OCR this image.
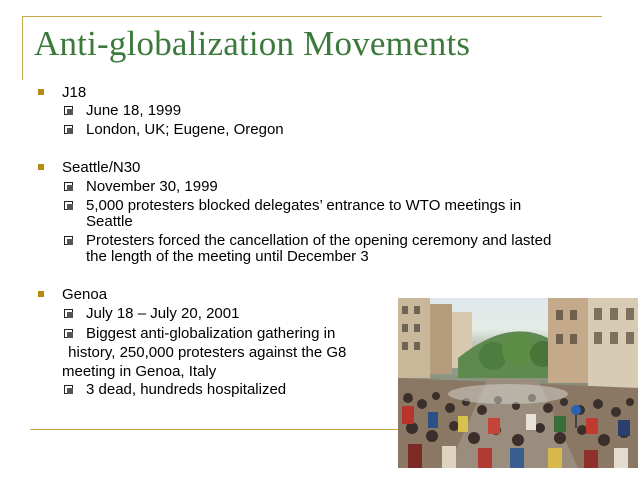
Anti-globalization Movements
J18
June 18, 1999
London, UK; Eugene, Oregon
Seattle/N30
November 30, 1999
5,000 protesters blocked delegates’ entrance to WTO meetings in
Seattle
Protesters forced the cancellation of the opening ceremony and lasted
the length of the meeting until December 3
Genoa
July 18 – July 20, 2001
Biggest anti-globalization gathering in
history, 250,000 protesters against the G8
meeting in Genoa, Italy
3 dead, hundreds hospitalized
